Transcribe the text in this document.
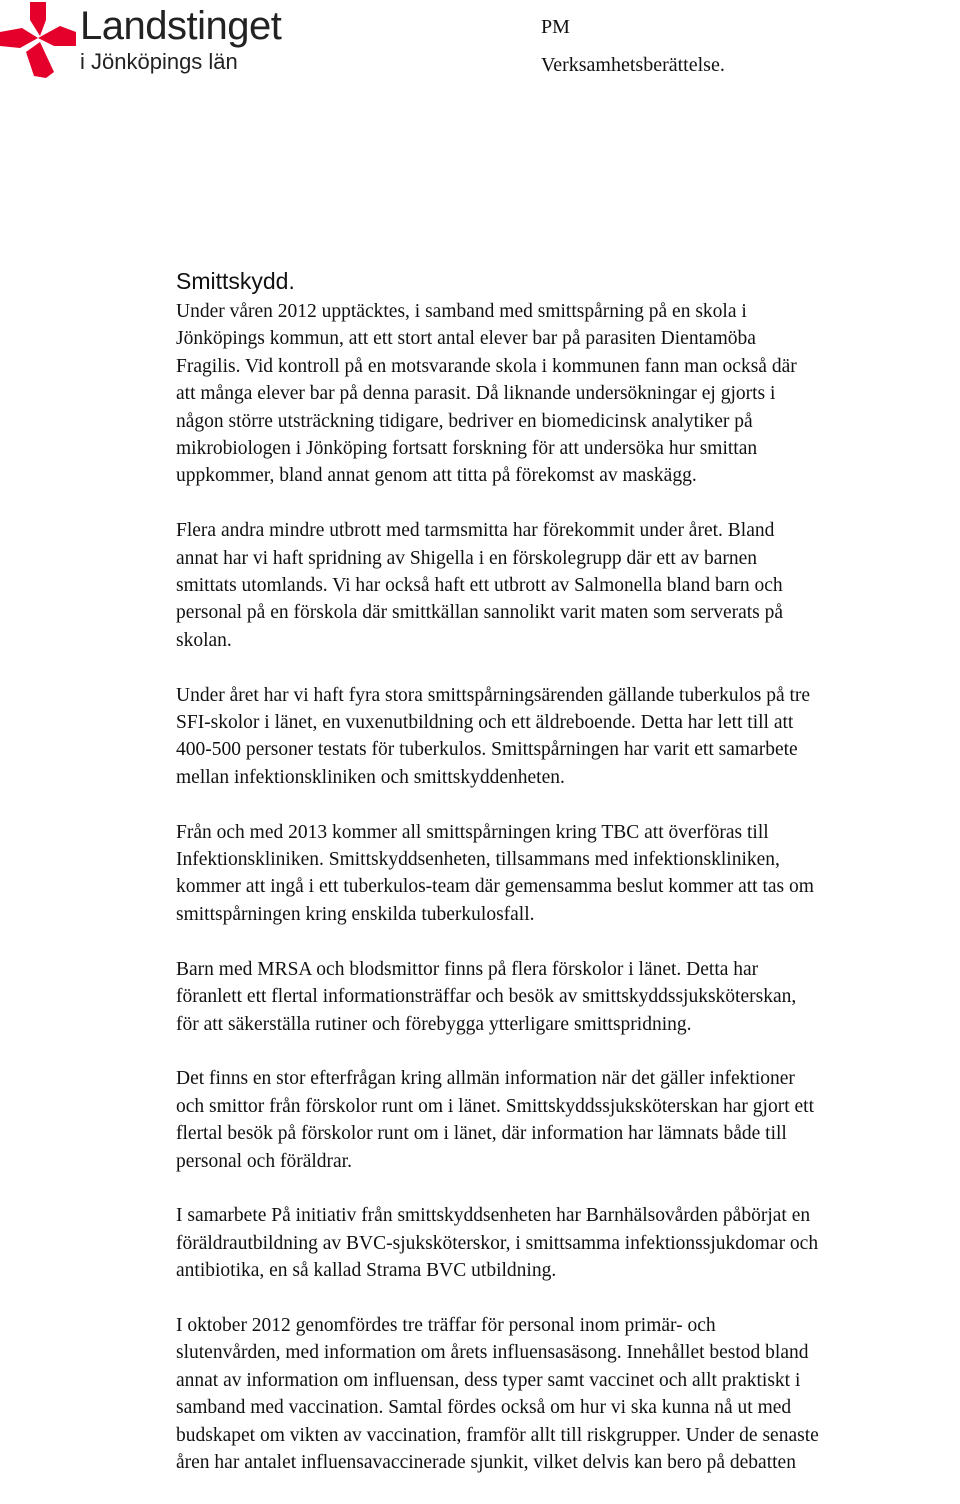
Landstinget
i Jönköpings län
PM
Verksamhetsberättelse.
Smittskydd.

Under våren 2012 upptäcktes, i samband med smittspårning på en skola i
Jönköpings kommun, att ett stort antal elever bar på parasiten Dientamöba
Fragilis. Vid kontroll på en motsvarande skola i kommunen fann man också där
att många elever bar på denna parasit. Då liknande undersökningar ej gjorts i
någon större utsträckning tidigare, bedriver en biomedicinsk analytiker på
mikrobiologen i Jönköping fortsatt forskning för att undersöka hur smittan
uppkommer, bland annat genom att titta på förekomst av maskägg.

Flera andra mindre utbrott med tarmsmitta har förekommit under året. Bland
annat har vi haft spridning av Shigella i en förskolegrupp där ett av barnen
smittats utomlands. Vi har också haft ett utbrott av Salmonella bland barn och
personal på en förskola där smittkällan sannolikt varit maten som serverats på
skolan.

Under året har vi haft fyra stora smittspårningsärenden gällande tuberkulos på tre
SFI-skolor i länet, en vuxenutbildning och ett äldreboende. Detta har lett till att
400-500 personer testats för tuberkulos. Smittspårningen har varit ett samarbete
mellan infektionskliniken och smittskyddenheten.

Från och med 2013 kommer all smittspårningen kring TBC att överföras till
Infektionskliniken. Smittskyddsenheten, tillsammans med infektionskliniken,
kommer att ingå i ett tuberkulos-team där gemensamma beslut kommer att tas om
smittspårningen kring enskilda tuberkulosfall.

Barn med MRSA och blodsmittor finns på flera förskolor i länet. Detta har
föranlett ett flertal informationsträffar och besök av smittskyddssjuksköterskan,
för att säkerställa rutiner och förebygga ytterligare smittspridning.

Det finns en stor efterfrågan kring allmän information när det gäller infektioner
och smittor från förskolor runt om i länet. Smittskyddssjuksköterskan har gjort ett
flertal besök på förskolor runt om i länet, där information har lämnats både till
personal och föräldrar.

I samarbete På initiativ från smittskyddsenheten har Barnhälsovården påbörjat en
föräldrautbildning av BVC-sjuksköterskor, i smittsamma infektionssjukdomar och
antibiotika, en så kallad Strama BVC utbildning.

I oktober 2012 genomfördes tre träffar för personal inom primär- och
slutenvården, med information om årets influensasäsong. Innehållet bestod bland
annat av information om influensan, dess typer samt vaccinet och allt praktiskt i
samband med vaccination. Samtal fördes också om hur vi ska kunna nå ut med
budskapet om vikten av vaccination, framför allt till riskgrupper. Under de senaste
åren har antalet influensavaccinerade sjunkit, vilket delvis kan bero på debatten
